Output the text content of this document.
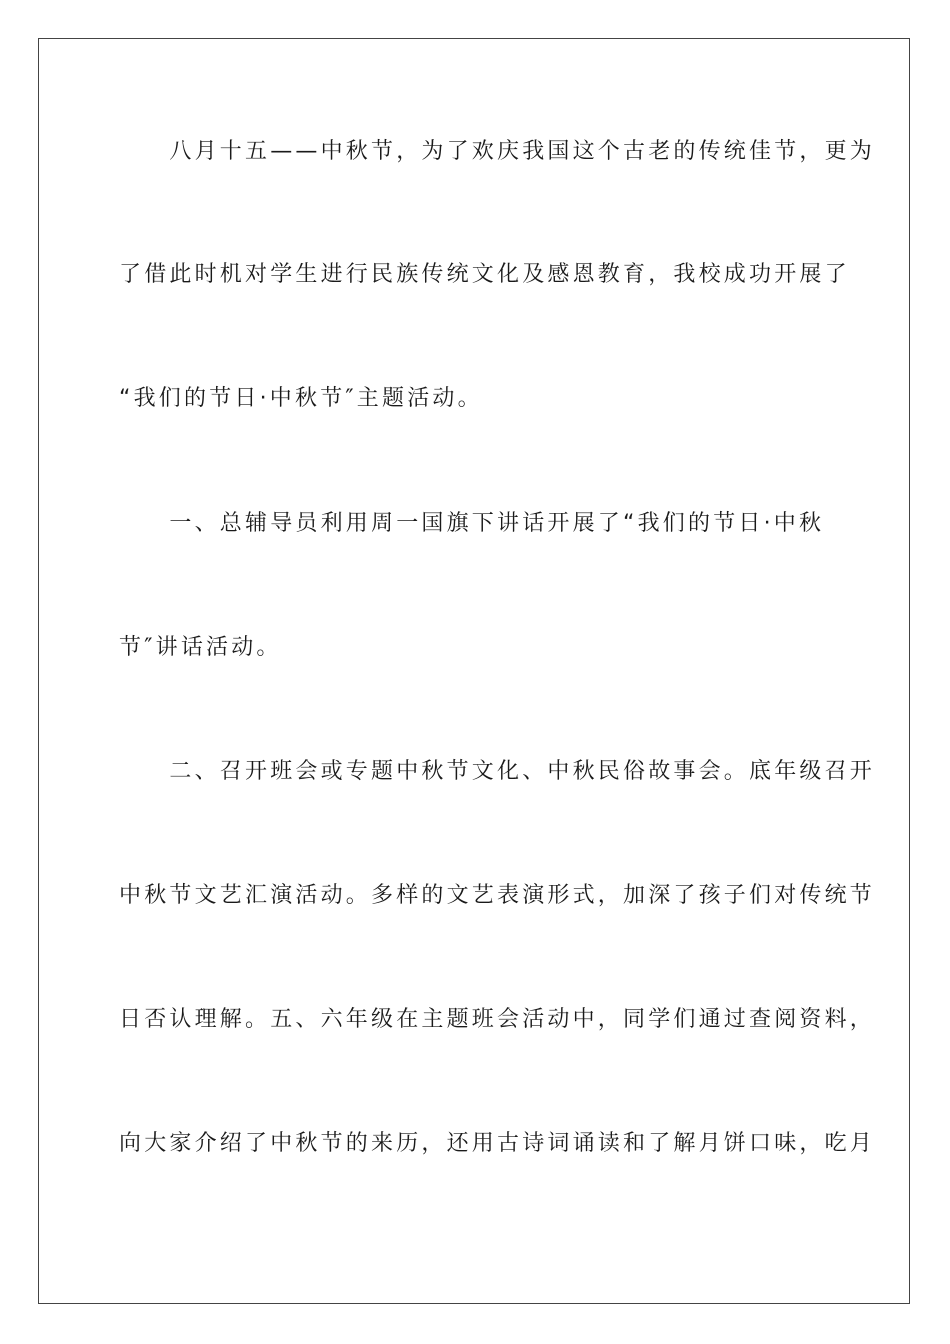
　　八月十五——中秋节，为了欢庆我国这个古老的传统佳节，更为
了借此时机对学生进行民族传统文化及感恩教育，我校成功开展了
“我们的节日·中秋节″主题活动。
　　一、总辅导员利用周一国旗下讲话开展了“我们的节日·中秋
节″讲话活动。
　　二、召开班会或专题中秋节文化、中秋民俗故事会。底年级召开
中秋节文艺汇演活动。多样的文艺表演形式，加深了孩子们对传统节
日否认理解。五、六年级在主题班会活动中，同学们通过查阅资料，
向大家介绍了中秋节的来历，还用古诗词诵读和了解月饼口味，吃月
